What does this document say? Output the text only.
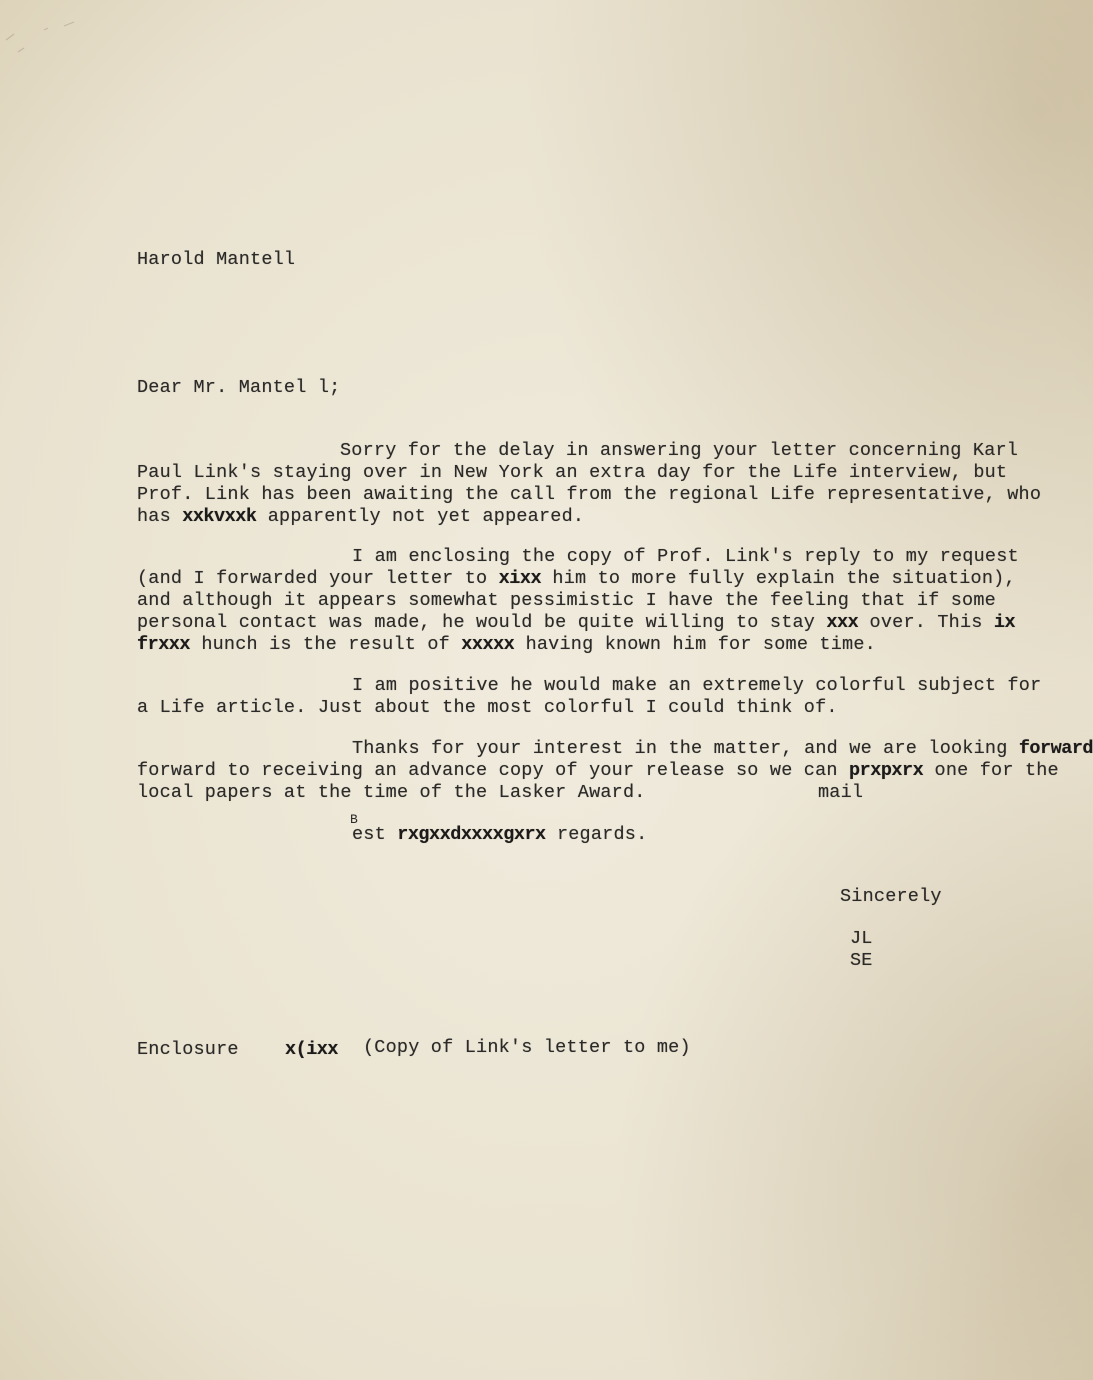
Harold Mantell
Dear Mr. Mantel l;
Sorry for the delay in answering your letter concerning Karl
Paul Link's staying over in New York an extra day for the Life interview, but
Prof. Link has been awaiting the call from the regional Life representative, who
has xxkvxxk apparently not yet appeared.
I am enclosing the copy of Prof. Link's reply to my request
(and I forwarded your letter to xixx him to more fully explain the situation),
and although it appears somewhat pessimistic I have the feeling that if some
personal contact was made, he would be quite willing to stay xxx over. This ix
frxxx hunch is the result of xxxxx having known him for some time.
I am positive he would make an extremely colorful subject for
a Life article. Just about the most colorful I could think of.
Thanks for your interest in the matter, and we are looking forward
forward to receiving an advance copy of your release so we can prxpxrx one for the
local papers at the time of the Lasker Award.	mail
B
est rxgxxdxxxxgxrx regards.
Sincerely
JL
SE
Enclosure	x(ixx (Copy of Link's letter to me)
